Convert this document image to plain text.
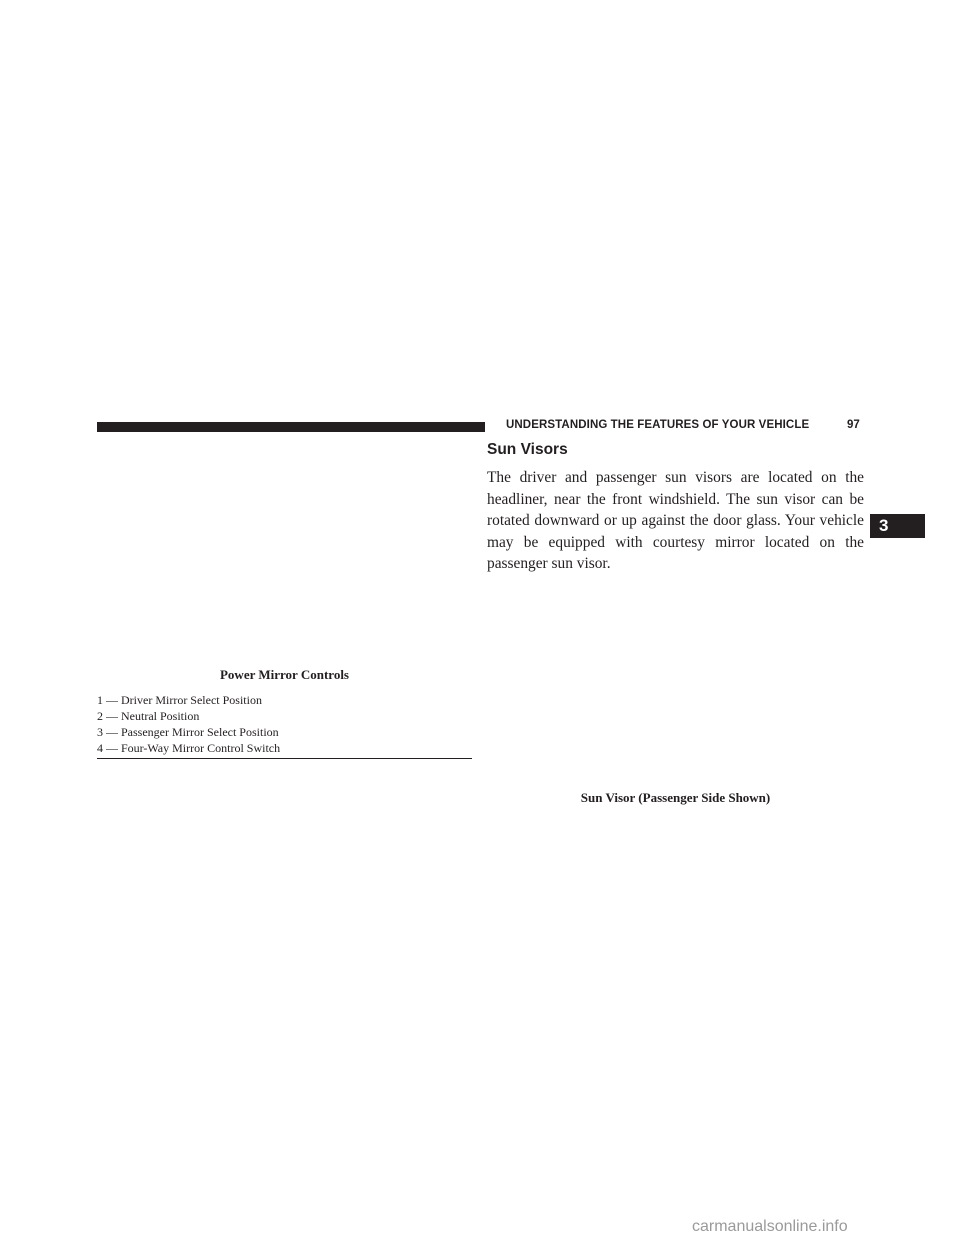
UNDERSTANDING THE FEATURES OF YOUR VEHICLE	97
3
Power Mirror Controls
1 — Driver Mirror Select Position
2 — Neutral Position
3 — Passenger Mirror Select Position
4 — Four-Way Mirror Control Switch
Sun Visors

The driver and passenger sun visors are located on the headliner, near the front windshield. The sun visor can be rotated downward or up against the door glass. Your vehicle may be equipped with courtesy mirror located on the passenger sun visor.

Sun Visor (Passenger Side Shown)
carmanualsonline.info
